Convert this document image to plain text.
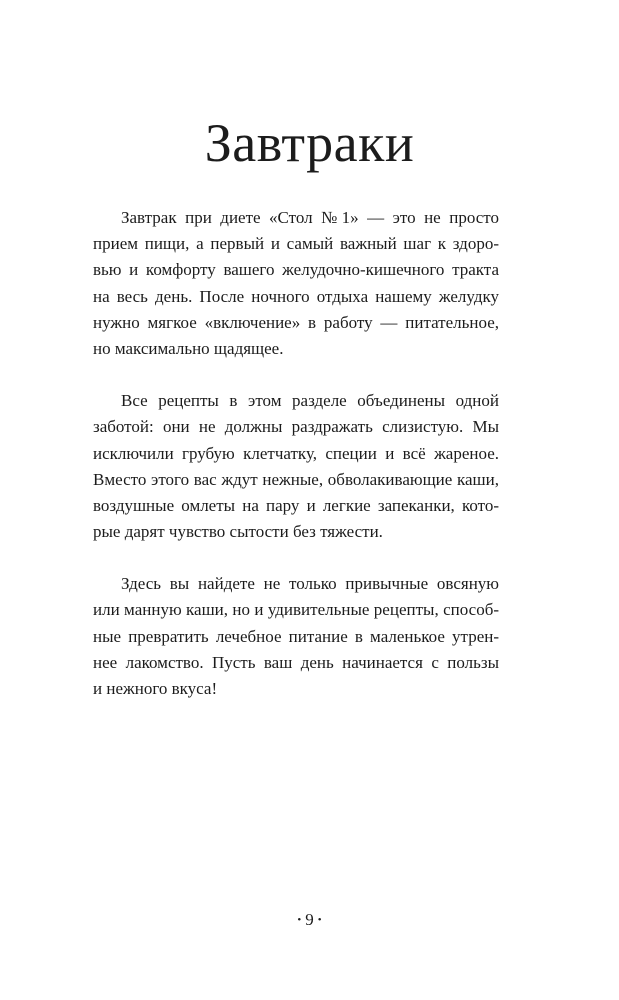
Завтраки
Завтрак при диете «Стол №1» — это не просто
прием пищи, а первый и самый важный шаг к здоро-
вью и комфорту вашего желудочно-кишечного тракта
на весь день. После ночного отдыха нашему желудку
нужно мягкое «включение» в работу — питательное,
но максимально щадящее.
Все рецепты в этом разделе объединены одной
заботой: они не должны раздражать слизистую. Мы
исключили грубую клетчатку, специи и всё жареное.
Вместо этого вас ждут нежные, обволакивающие каши,
воздушные омлеты на пару и легкие запеканки, кото-
рые дарят чувство сытости без тяжести.
Здесь вы найдете не только привычные овсяную
или манную каши, но и удивительные рецепты, способ-
ные превратить лечебное питание в маленькое утрен-
нее лакомство. Пусть ваш день начинается с пользы
и нежного вкуса!
• 9 •
